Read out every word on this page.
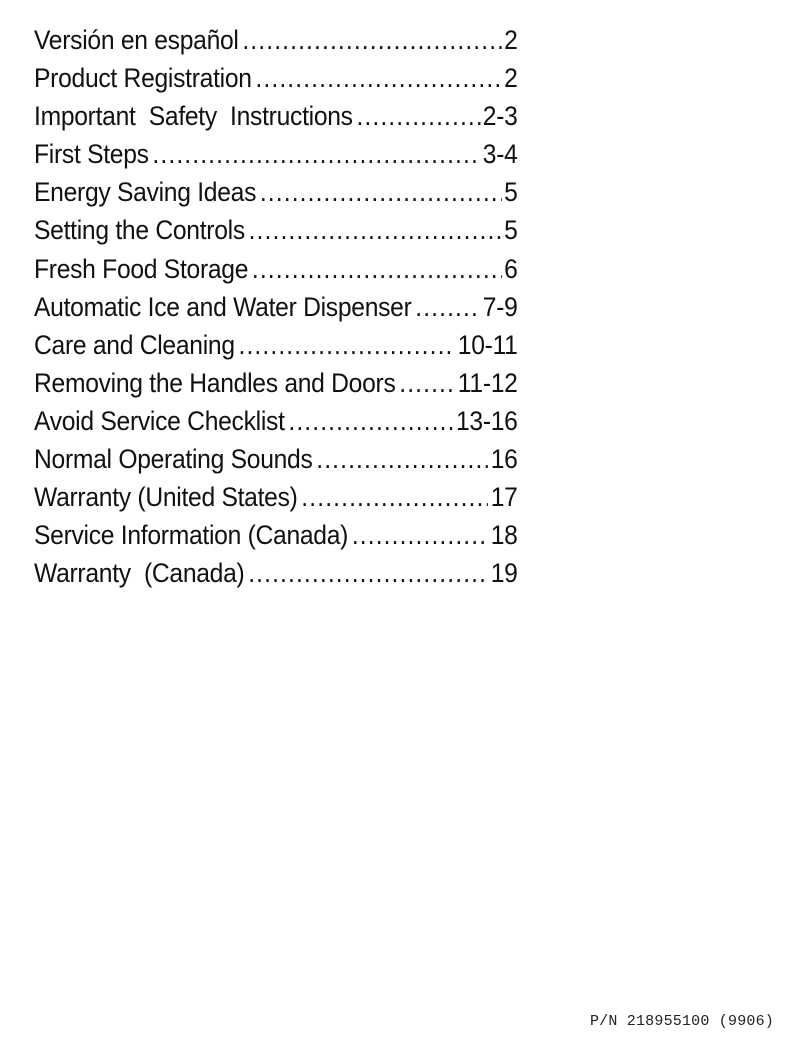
Versión en español .....	2
Product Registration .....	2
Important  Safety  Instructions .....	2-3
First Steps .....	3-4
Energy Saving Ideas .....	5
Setting the Controls .....	5
Fresh Food Storage .....	6
Automatic Ice and Water Dispenser .....	7-9
Care and Cleaning .....	10-11
Removing the Handles and Doors ..... 11-12
Avoid Service Checklist .....	13-16
Normal Operating Sounds .....	16
Warranty (United States) .....	17
Service Information (Canada) .....	18
Warranty  (Canada) .....	19
P/N 218955100 (9906)
